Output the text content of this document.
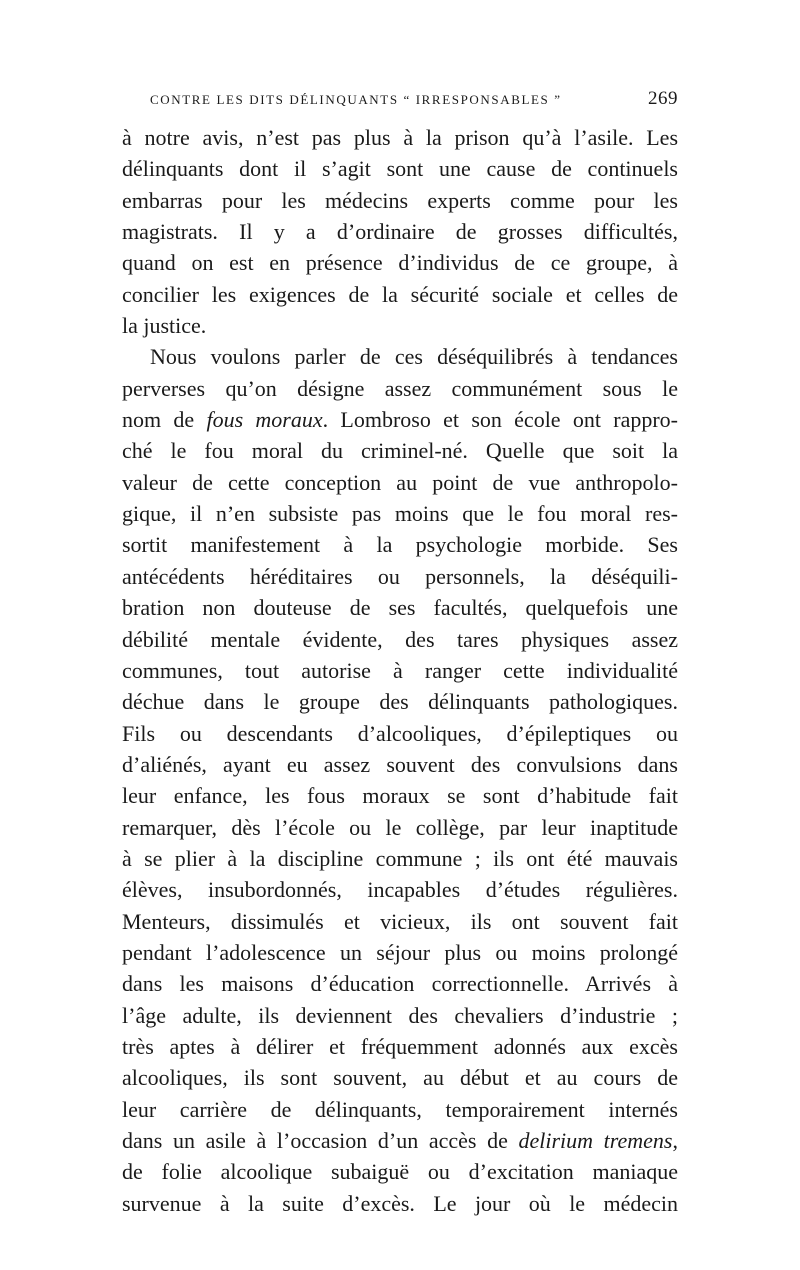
CONTRE LES DITS DÉLINQUANTS “ IRRESPONSABLES ”	269
à notre avis, n’est pas plus à la prison qu’à l’asile. Les
délinquants dont il s’agit sont une cause de continuels
embarras pour les médecins experts comme pour les
magistrats. Il y a d’ordinaire de grosses difficultés,
quand on est en présence d’individus de ce groupe, à
concilier les exigences de la sécurité sociale et celles de
la justice.
Nous voulons parler de ces déséquilibrés à tendances
perverses qu’on désigne assez communément sous le
nom de fous moraux. Lombroso et son école ont rappro-
ché le fou moral du criminel-né. Quelle que soit la
valeur de cette conception au point de vue anthropolo-
gique, il n’en subsiste pas moins que le fou moral res-
sortit manifestement à la psychologie morbide. Ses
antécédents héréditaires ou personnels, la déséquili-
bration non douteuse de ses facultés, quelquefois une
débilité mentale évidente, des tares physiques assez
communes, tout autorise à ranger cette individualité
déchue dans le groupe des délinquants pathologiques.
Fils ou descendants d’alcooliques, d’épileptiques ou
d’aliénés, ayant eu assez souvent des convulsions dans
leur enfance, les fous moraux se sont d’habitude fait
remarquer, dès l’école ou le collège, par leur inaptitude
à se plier à la discipline commune ; ils ont été mauvais
élèves, insubordonnés, incapables d’études régulières.
Menteurs, dissimulés et vicieux, ils ont souvent fait
pendant l’adolescence un séjour plus ou moins prolongé
dans les maisons d’éducation correctionnelle. Arrivés à
l’âge adulte, ils deviennent des chevaliers d’industrie ;
très aptes à délirer et fréquemment adonnés aux excès
alcooliques, ils sont souvent, au début et au cours de
leur carrière de délinquants, temporairement internés
dans un asile à l’occasion d’un accès de delirium tremens,
de folie alcoolique subaiguë ou d’excitation maniaque
survenue à la suite d’excès. Le jour où le médecin
